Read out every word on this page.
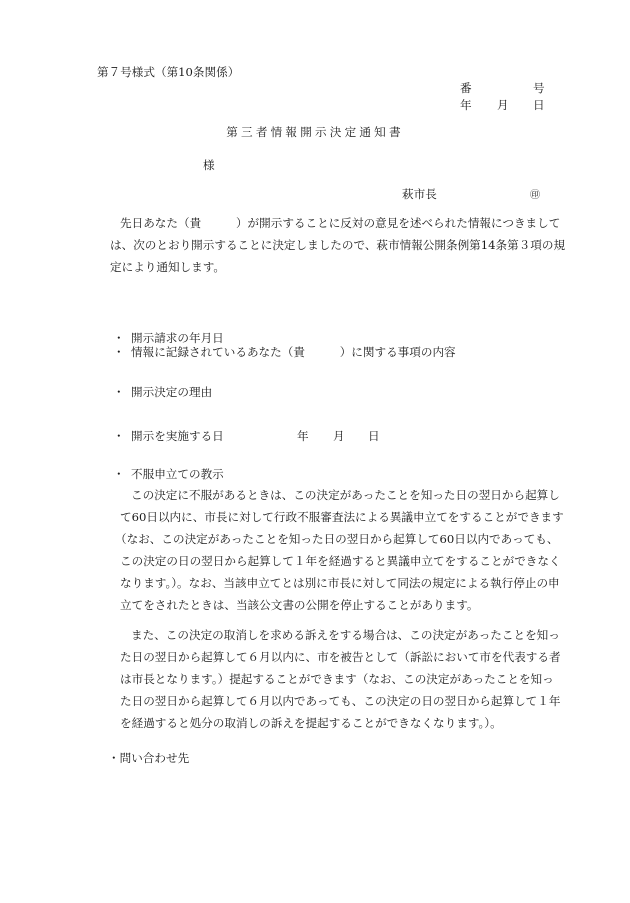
第７号様式（第10条関係）
番	号
年 月 日
第三者情報開示決定通知書
様
萩市長	㊞
先日あなた（貴　　　）が開示することに反対の意見を述べられた情報につきまして
は、次のとおり開示することに決定しましたので、萩市情報公開条例第14条第３項の規
定により通知します。
・ 開示請求の年月日
・ 情報に記録されているあなた（貴　　　）に関する事項の内容
・ 開示決定の理由
・ 開示を実施する日	年 月 日
・ 不服申立ての教示
この決定に不服があるときは、この決定があったことを知った日の翌日から起算し
て60日以内に、市長に対して行政不服審査法による異議申立てをすることができます
（なお、この決定があったことを知った日の翌日から起算して60日以内であっても、
この決定の日の翌日から起算して１年を経過すると異議申立てをすることができなく
なります。）。なお、当該申立てとは別に市長に対して同法の規定による執行停止の申
立てをされたときは、当該公文書の公開を停止することがあります。
また、この決定の取消しを求める訴えをする場合は、この決定があったことを知っ
た日の翌日から起算して６月以内に、市を被告として（訴訟において市を代表する者
は市長となります。）提起することができます（なお、この決定があったことを知っ
た日の翌日から起算して６月以内であっても、この決定の日の翌日から起算して１年
を経過すると処分の取消しの訴えを提起することができなくなります。）。
・問い合わせ先
